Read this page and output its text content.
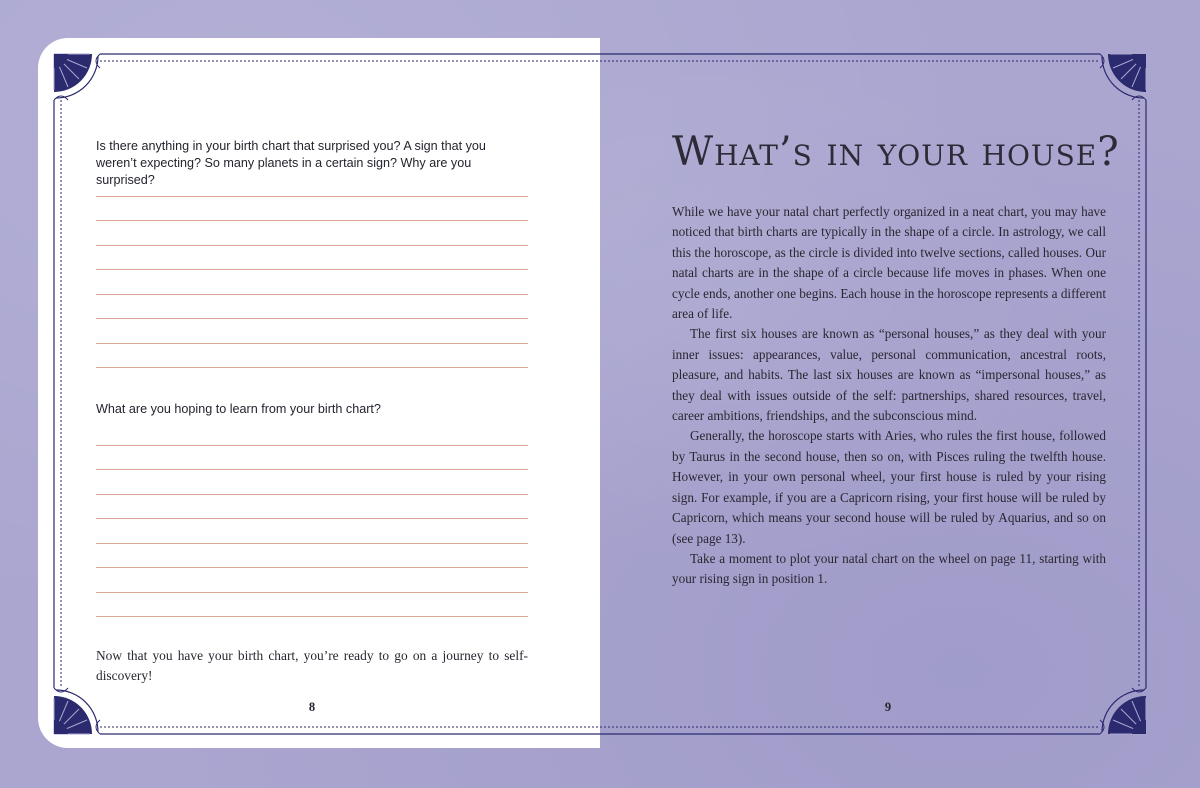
Is there anything in your birth chart that surprised you? A sign that you weren’t expecting? So many planets in a certain sign? Why are you surprised?

What are you hoping to learn from your birth chart?

Now that you have your birth chart, you’re ready to go on a journey to self-discovery!

8

What’s in your house?

While we have your natal chart perfectly organized in a neat chart, you may have noticed that birth charts are typically in the shape of a circle. In astrology, we call this the horoscope, as the circle is divided into twelve sections, called houses. Our natal charts are in the shape of a circle because life moves in phases. When one cycle ends, another one begins. Each house in the horoscope represents a different area of life.

The first six houses are known as “personal houses,” as they deal with your inner issues: appearances, value, personal communication, ancestral roots, pleasure, and habits. The last six houses are known as “impersonal houses,” as they deal with issues outside of the self: partnerships, shared resources, travel, career ambitions, friendships, and the subconscious mind.

Generally, the horoscope starts with Aries, who rules the first house, followed by Taurus in the second house, then so on, with Pisces ruling the twelfth house. However, in your own personal wheel, your first house is ruled by your rising sign. For example, if you are a Capricorn rising, your first house will be ruled by Capricorn, which means your second house will be ruled by Aquarius, and so on (see page 13).

Take a moment to plot your natal chart on the wheel on page 11, starting with your rising sign in position 1.

9
